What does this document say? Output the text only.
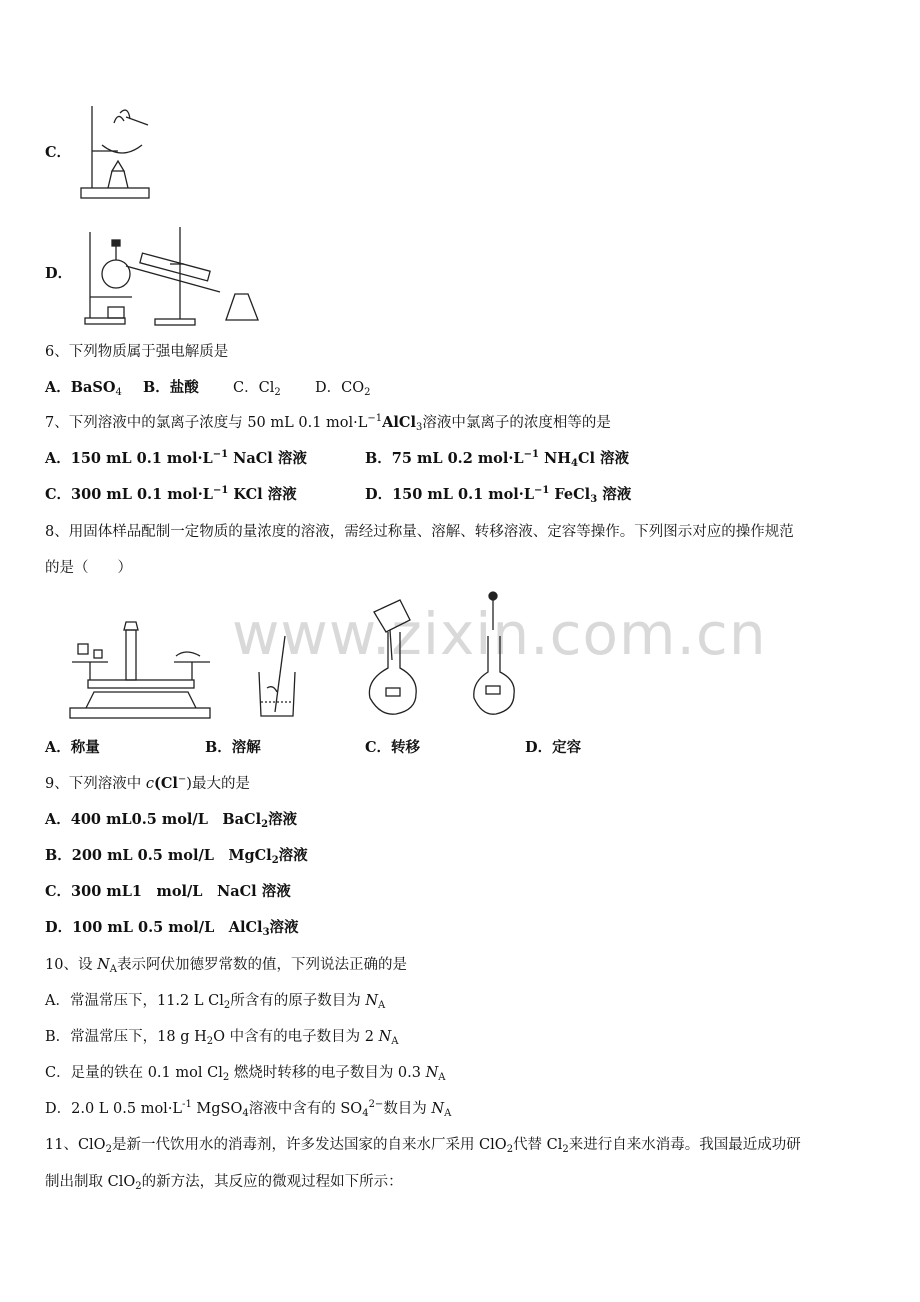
C．
D．
6、下列物质属于强电解质是
A．BaSO$_4$ B．盐酸 C．$Cl_2$ D．$CO_2$
7、下列溶液中的氯离子浓度与 50 mL 0.1 $mol\cdot L^{-1}AlCl_3$溶液中氯离子的浓度相等的是
A．150 mL 0.1 $mol\cdot L^{-1}$ NaCl 溶液	B．75 mL 0.2 $mol\cdot L^{-1}$ $NH_4Cl$ 溶液
C．300 mL 0.1 $mol\cdot L^{-1}$ KCl 溶液	D．150 mL 0.1 $mol\cdot L^{-1}$ FeCl$_3$ 溶液
8、用固体样品配制一定物质的量浓度的溶液，需经过称量、溶解、转移溶液、定容等操作。下列图示对应的操作规范
的是（　　）
www.zixin.com.cn
A．称量	B．溶解	C．转移	D．定容
9、下列溶液中 c(Cl−)最大的是
A．400 mL0.5 mol/L　BaCl$_2$溶液
B．200 mL 0.5 mol/L　MgCl$_2$溶液
C．300 mL1　mol/L　NaCl 溶液
D．100 mL 0.5 mol/L　AlCl$_3$溶液
10、设 $N_A$表示阿伏加德罗常数的值，下列说法正确的是
A．常温常压下，11.2 L $Cl_2$所含有的原子数目为 $N_A$
B．常温常压下，18 g $H_2O$ 中含有的电子数目为 2 $N_A$
C．足量的铁在 0.1 mol $Cl_2$ 燃烧时转移的电子数目为 0.3 $N_A$
D．2.0 L 0.5 $mol\cdot L^{-1}$ MgSO$_4$溶液中含有的 $SO_4^{2-}$数目为 $N_A$
11、ClO$_2$是新一代饮用水的消毒剂，许多发达国家的自来水厂采用 ClO$_2$代替 $Cl_2$来进行自来水消毒。我国最近成功研
制出制取 ClO$_2$的新方法，其反应的微观过程如下所示：
